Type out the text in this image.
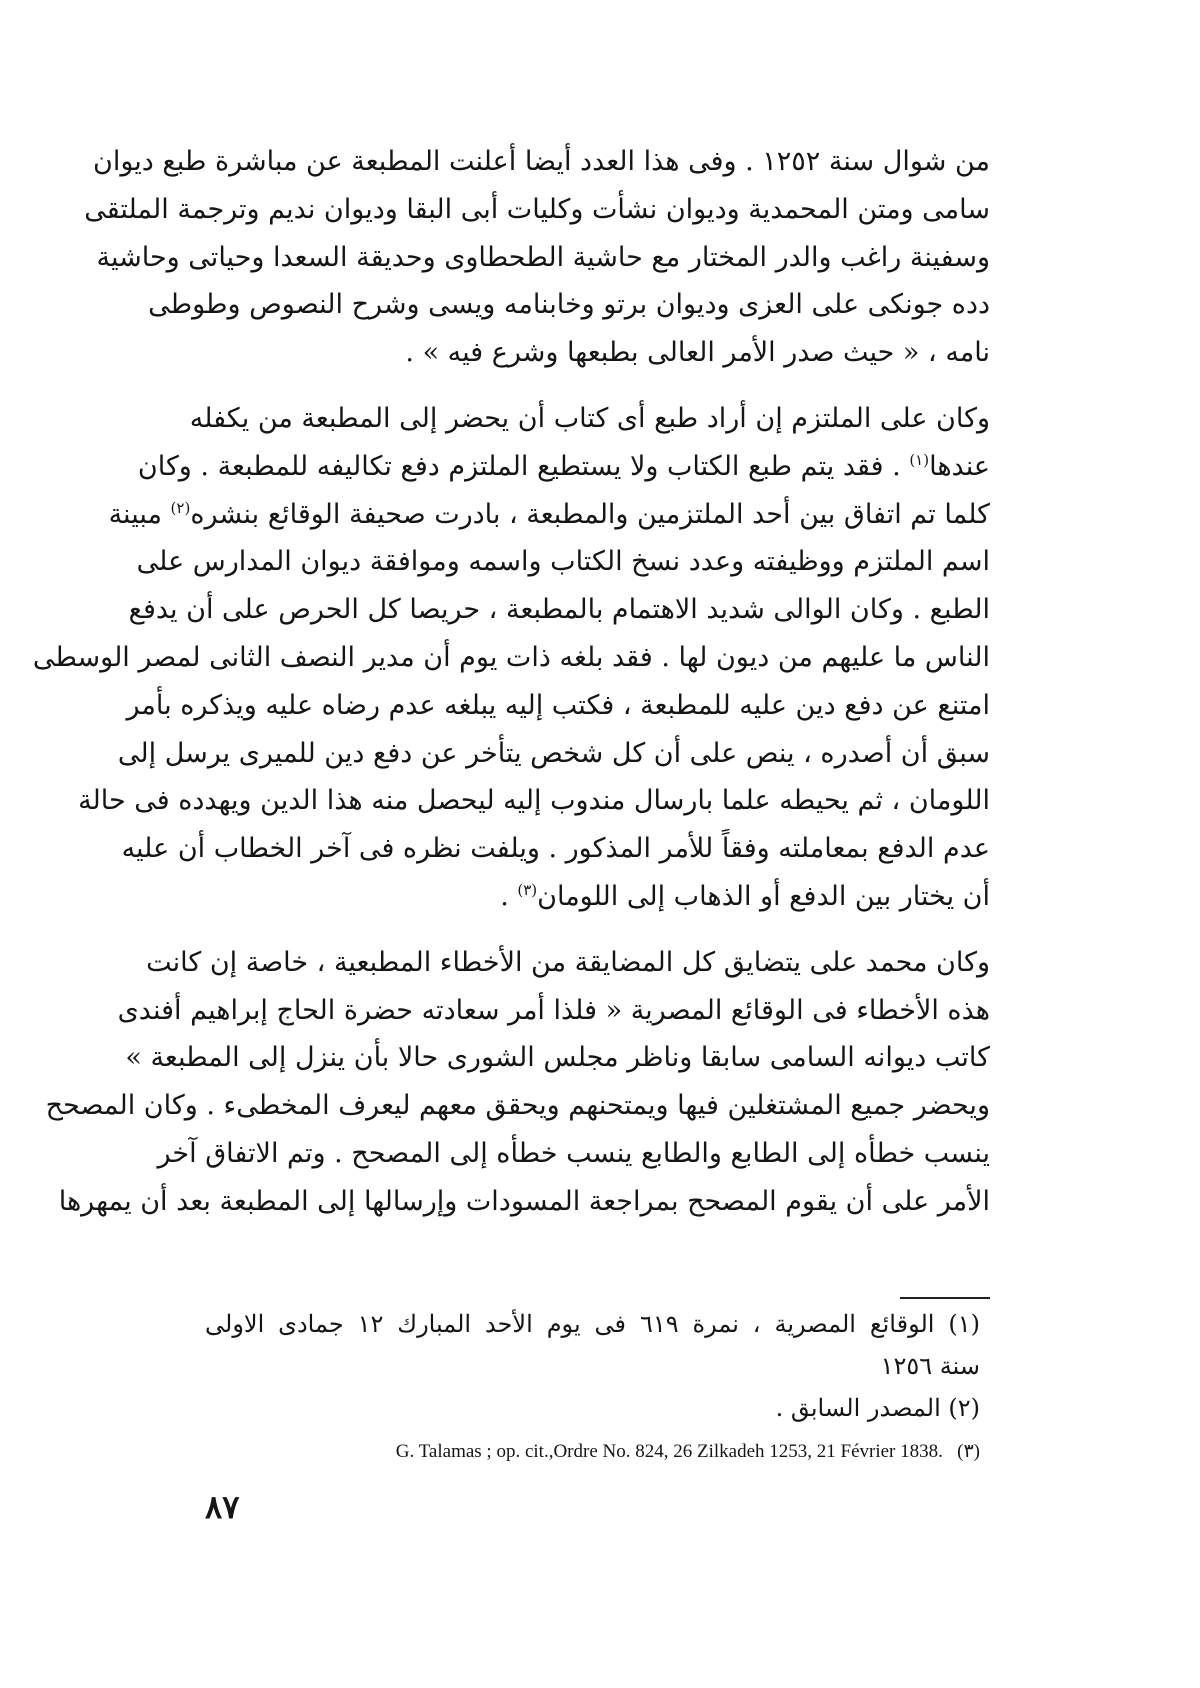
من شوال سنة ١٢٥٢ . وفى هذا العدد أيضا أعلنت المطبعة عن مباشرة طبع ديوان
سامى ومتن المحمدية وديوان نشأت وكليات أبى البقا وديوان نديم وترجمة الملتقى
وسفينة راغب والدر المختار مع حاشية الطحطاوى وحديقة السعدا وحياتى وحاشية
دده جونكى على العزى وديوان برتو وخابنامه ويسى وشرح النصوص وطوطى
نامه ، « حيث صدر الأمر العالى بطبعها وشرع فيه » .

وكان على الملتزم إن أراد طبع أى كتاب أن يحضر إلى المطبعة من يكفله
عندها$^{(١)}$ . فقد يتم طبع الكتاب ولا يستطيع الملتزم دفع تكاليفه للمطبعة . وكان
كلما تم اتفاق بين أحد الملتزمين والمطبعة ، بادرت صحيفة الوقائع بنشره$^{(٢)}$ مبينة
اسم الملتزم ووظيفته وعدد نسخ الكتاب واسمه وموافقة ديوان المدارس على
الطبع . وكان الوالى شديد الاهتمام بالمطبعة ، حريصا كل الحرص على أن يدفع
الناس ما عليهم من ديون لها . فقد بلغه ذات يوم أن مدير النصف الثانى لمصر الوسطى
امتنع عن دفع دين عليه للمطبعة ، فكتب إليه يبلغه عدم رضاه عليه ويذكره بأمر
سبق أن أصدره ، ينص على أن كل شخص يتأخر عن دفع دين للميرى يرسل إلى
اللومان ، ثم يحيطه علما بارسال مندوب إليه ليحصل منه هذا الدين ويهدده فى حالة
عدم الدفع بمعاملته وفقاً للأمر المذكور . ويلفت نظره فى آخر الخطاب أن عليه
أن يختار بين الدفع أو الذهاب إلى اللومان$^{(٣)}$ .

وكان محمد على يتضايق كل المضايقة من الأخطاء المطبعية ، خاصة إن كانت
هذه الأخطاء فى الوقائع المصرية « فلذا أمر سعادته حضرة الحاج إبراهيم أفندى
كاتب ديوانه السامى سابقا وناظر مجلس الشورى حالا بأن ينزل إلى المطبعة »
ويحضر جميع المشتغلين فيها ويمتحنهم ويحقق معهم ليعرف المخطىء . وكان المصحح
ينسب خطأه إلى الطابع والطابع ينسب خطأه إلى المصحح . وتم الاتفاق آخر
الأمر على أن يقوم المصحح بمراجعة المسودات وإرسالها إلى المطبعة بعد أن يمهرها

(١) الوقائع المصرية ، نمرة ٦١٩ فى يوم الأحد المبارك ١٢ جمادى الاولى
سنة ١٢٥٦
(٢) المصدر السابق .
(٣)   G. Talamas ; op. cit.,Ordre No. 824, 26 Zilkadeh 1253, 21 Février 1838.
٨٧
